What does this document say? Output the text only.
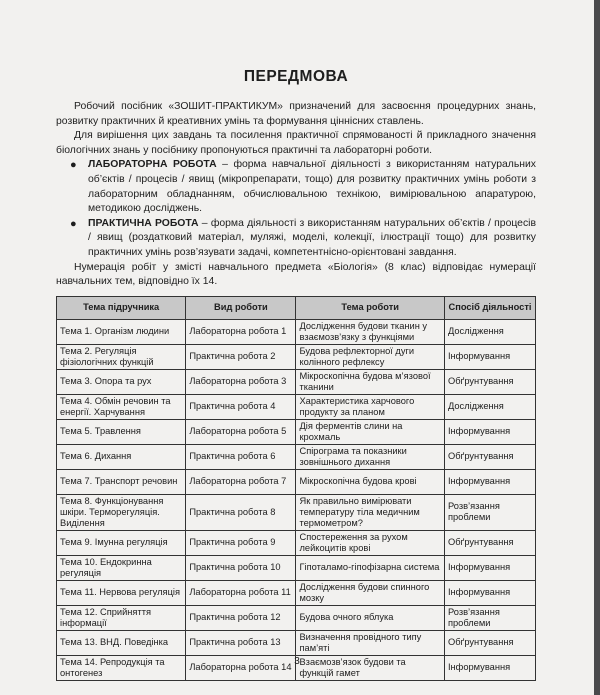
ПЕРЕДМОВА

Робочий посібник «ЗОШИТ-ПРАКТИКУМ» призначений для засвоєння процедурних знань, розвитку практичних й креативних умінь та формування ціннісних ставлень.

Для вирішення цих завдань та посилення практичної спрямованості й прикладного значення біологічних знань у посібнику пропонуються практичні та лабораторні роботи.

● ЛАБОРАТОРНА РОБОТА – форма навчальної діяльності з використанням натуральних об’єктів / процесів / явищ (мікропрепарати, тощо) для розвитку практичних умінь роботи з лабораторним обладнанням, обчислювальною технікою, вимірювальною апаратурою, методикою досліджень.
● ПРАКТИЧНА РОБОТА – форма діяльності з використанням натуральних об’єктів / процесів / явищ (роздатковий матеріал, муляжі, моделі, колекції, ілюстрації тощо) для розвитку практичних умінь розв’язувати задачі, компетентнісно-орієнтовані завдання.

Нумерація робіт у змісті навчального предмета «Біологія» (8 клас) відповідає нумерації навчальних тем, відповідно їх 14.

Тема підручника	Вид роботи	Тема роботи	Спосіб діяльності
Тема 1. Організм людини	Лабораторна робота 1	Дослідження будови тканин у взаємозв’язку з функціями	Дослідження
Тема 2. Регуляція фізіологічних функцій	Практична робота 2	Будова рефлекторної дуги колінного рефлексу	Інформування
Тема 3. Опора та рух	Лабораторна робота 3	Мікроскопічна будова м’язової тканини	Обґрунтування
Тема 4. Обмін речовин та енергії. Харчування	Практична робота 4	Характеристика харчового продукту за планом	Дослідження
Тема 5. Травлення	Лабораторна робота 5	Дія ферментів слини на крохмаль	Інформування
Тема 6. Дихання	Практична робота 6	Спірограма та показники зовнішнього дихання	Обґрунтування
Тема 7. Транспорт речовин	Лабораторна робота 7	Мікроскопічна будова крові	Інформування
Тема 8. Функціонування шкіри. Терморегуляція. Виділення	Практична робота 8	Як правильно вимірювати температуру тіла медичним термометром?	Розв’язання проблеми
Тема 9. Імунна регуляція	Практична робота 9	Спостереження за рухом лейкоцитів крові	Обґрунтування
Тема 10. Ендокринна регуляція	Практична робота 10	Гіпоталамо-гіпофізарна система	Інформування
Тема 11. Нервова регуляція	Лабораторна робота 11	Дослідження будови спинного мозку	Інформування
Тема 12. Сприйняття інформації	Практична робота 12	Будова очного яблука	Розв’язання проблеми
Тема 13. ВНД. Поведінка	Практична робота 13	Визначення провідного типу пам’яті	Обґрунтування
Тема 14. Репродукція та онтогенез	Лабораторна робота 14	Взаємозв’язок будови та функцій гамет	Інформування
3
